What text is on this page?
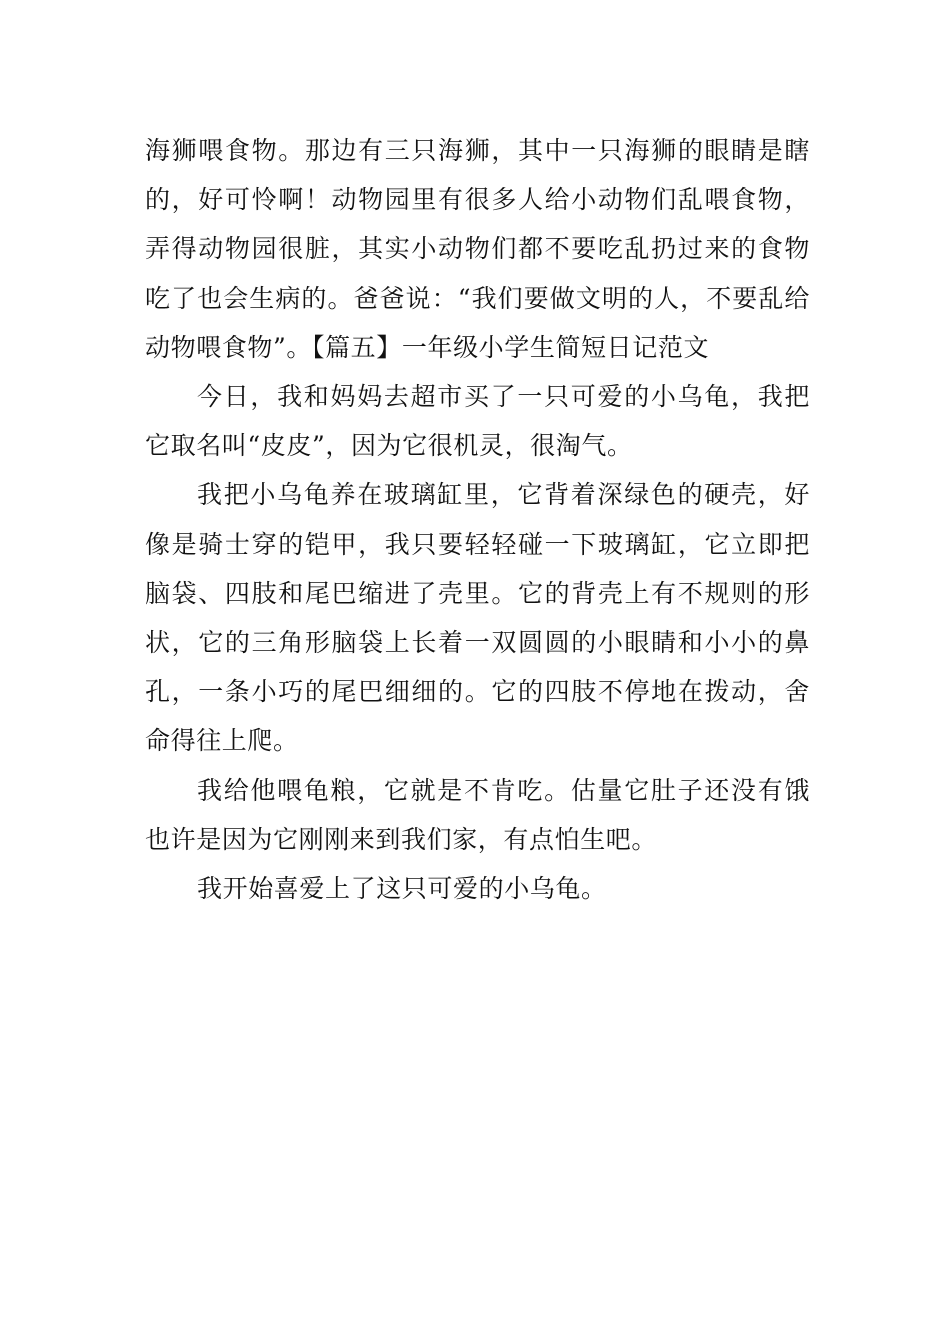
海狮喂食物。那边有三只海狮，其中一只海狮的眼睛是瞎的，好可怜啊！动物园里有很多人给小动物们乱喂食物，弄得动物园很脏，其实小动物们都不要吃乱扔过来的食物吃了也会生病的。爸爸说：“我们要做文明的人，不要乱给动物喂食物”。【篇五】一年级小学生简短日记范文

今日，我和妈妈去超市买了一只可爱的小乌龟，我把它取名叫“皮皮”，因为它很机灵，很淘气。

我把小乌龟养在玻璃缸里，它背着深绿色的硬壳，好像是骑士穿的铠甲，我只要轻轻碰一下玻璃缸，它立即把脑袋、四肢和尾巴缩进了壳里。它的背壳上有不规则的形状，它的三角形脑袋上长着一双圆圆的小眼睛和小小的鼻孔，一条小巧的尾巴细细的。它的四肢不停地在拨动，舍命得往上爬。

我给他喂龟粮，它就是不肯吃。估量它肚子还没有饿也许是因为它刚刚来到我们家，有点怕生吧。

我开始喜爱上了这只可爱的小乌龟。
